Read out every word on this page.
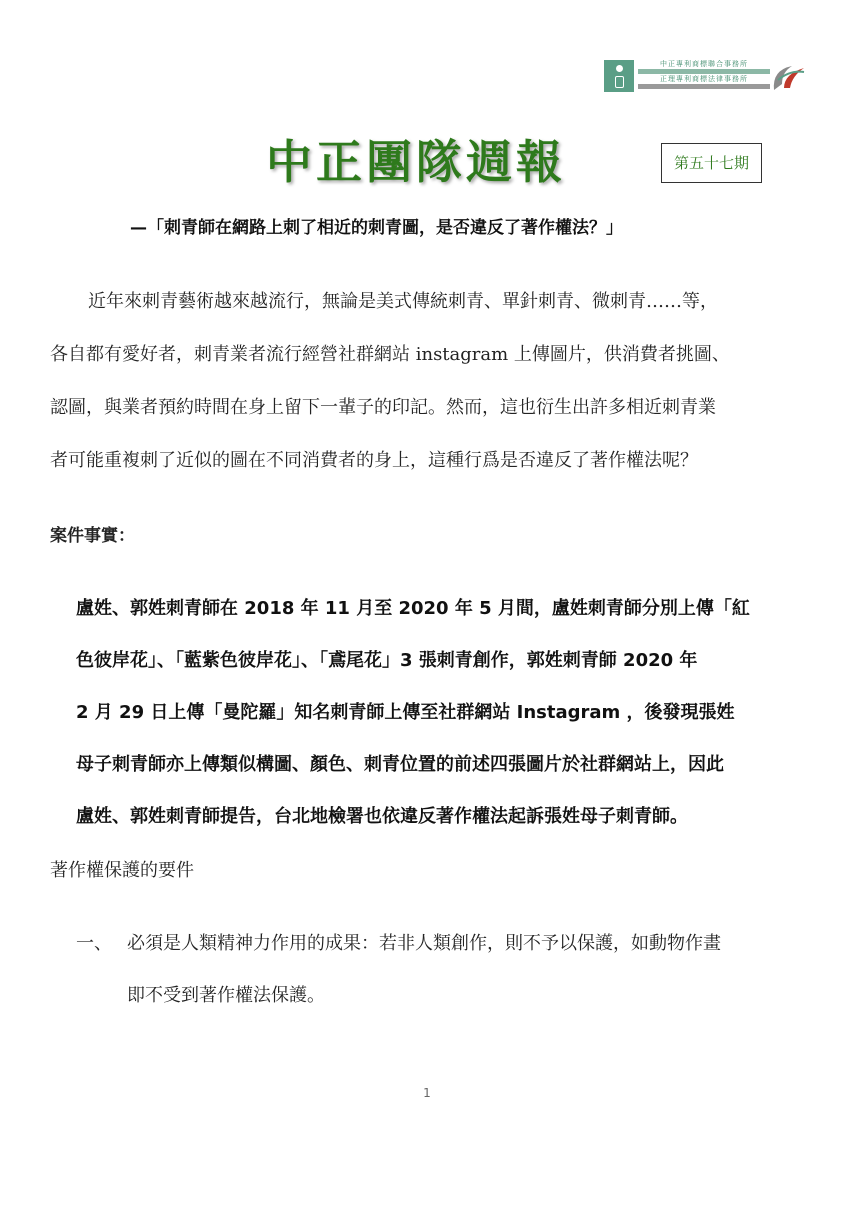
中正專利商標聯合事務所
正理專利商標法律事務所
中正團隊週報	第五十七期
—「刺青師在網路上刺了相近的刺青圖，是否違反了著作權法？」
近年來刺青藝術越來越流行，無論是美式傳統刺青、單針刺青、微刺青……等，
各自都有愛好者，刺青業者流行經營社群網站 instagram 上傳圖片，供消費者挑圖、
認圖，與業者預約時間在身上留下一輩子的印記。然而，這也衍生出許多相近刺青業
者可能重複刺了近似的圖在不同消費者的身上，這種行爲是否違反了著作權法呢？
案件事實：
盧姓、郭姓刺青師在 2018 年 11 月至 2020 年 5 月間，盧姓刺青師分別上傳「紅
色彼岸花」、「藍紫色彼岸花」、「鳶尾花」3 張刺青創作，郭姓刺青師 2020 年
2 月 29 日上傳「曼陀羅」知名刺青師上傳至社群網站 Instagram ，後發現張姓
母子刺青師亦上傳類似構圖、顏色、刺青位置的前述四張圖片於社群網站上，因此
盧姓、郭姓刺青師提告，台北地檢署也依違反著作權法起訴張姓母子刺青師。
著作權保護的要件
一、 必須是人類精神力作用的成果：若非人類創作，則不予以保護，如動物作畫
即不受到著作權法保護。
1
